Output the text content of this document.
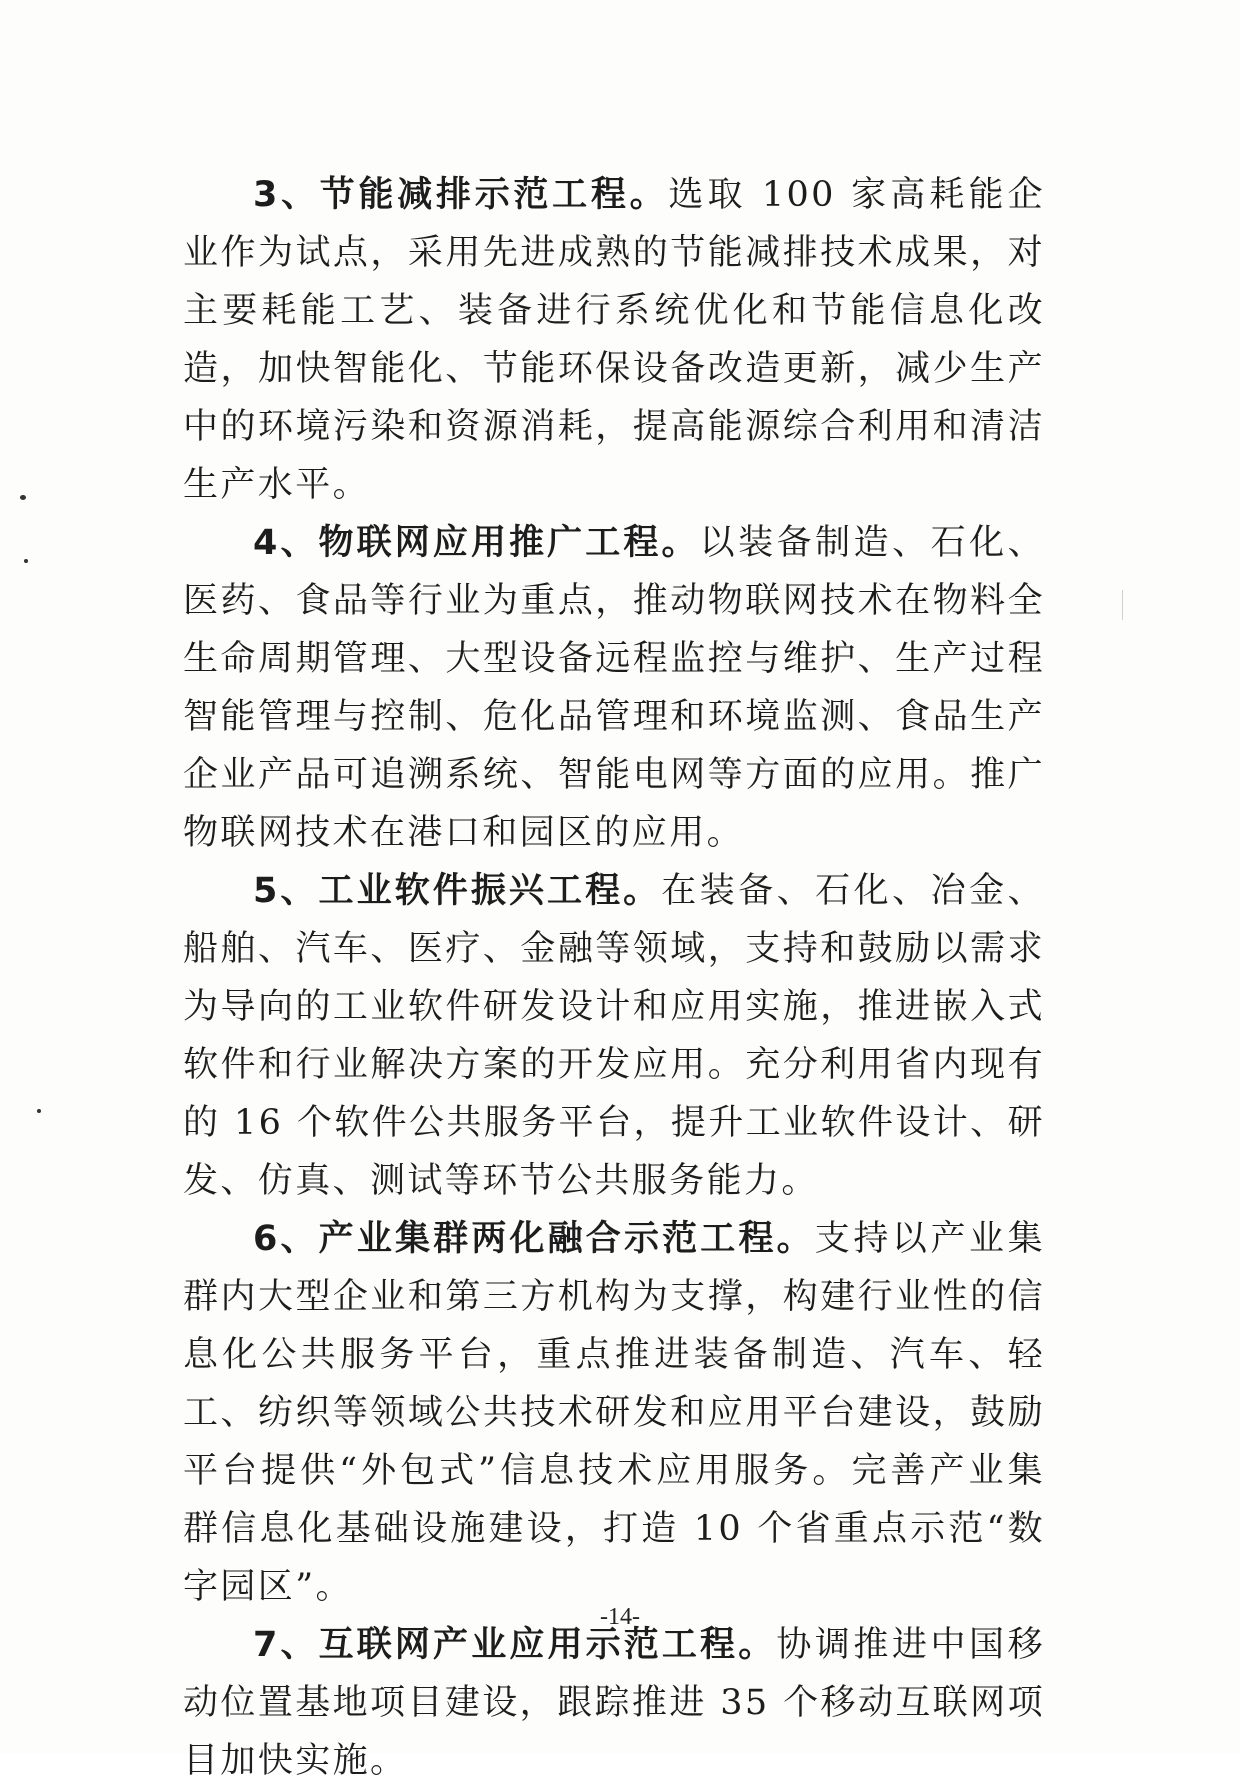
3、节能减排示范工程。选取 100 家高耗能企业作为试点，采用先进成熟的节能减排技术成果，对主要耗能工艺、装备进行系统优化和节能信息化改造，加快智能化、节能环保设备改造更新，减少生产中的环境污染和资源消耗，提高能源综合利用和清洁生产水平。

4、物联网应用推广工程。以装备制造、石化、医药、食品等行业为重点，推动物联网技术在物料全生命周期管理、大型设备远程监控与维护、生产过程智能管理与控制、危化品管理和环境监测、食品生产企业产品可追溯系统、智能电网等方面的应用。推广物联网技术在港口和园区的应用。

5、工业软件振兴工程。在装备、石化、冶金、船舶、汽车、医疗、金融等领域，支持和鼓励以需求为导向的工业软件研发设计和应用实施，推进嵌入式软件和行业解决方案的开发应用。充分利用省内现有的 16 个软件公共服务平台，提升工业软件设计、研发、仿真、测试等环节公共服务能力。

6、产业集群两化融合示范工程。支持以产业集群内大型企业和第三方机构为支撑，构建行业性的信息化公共服务平台，重点推进装备制造、汽车、轻工、纺织等领域公共技术研发和应用平台建设，鼓励平台提供“外包式”信息技术应用服务。完善产业集群信息化基础设施建设，打造 10 个省重点示范“数字园区”。

7、互联网产业应用示范工程。协调推进中国移动位置基地项目建设，跟踪推进 35 个移动互联网项目加快实施。

-14-
